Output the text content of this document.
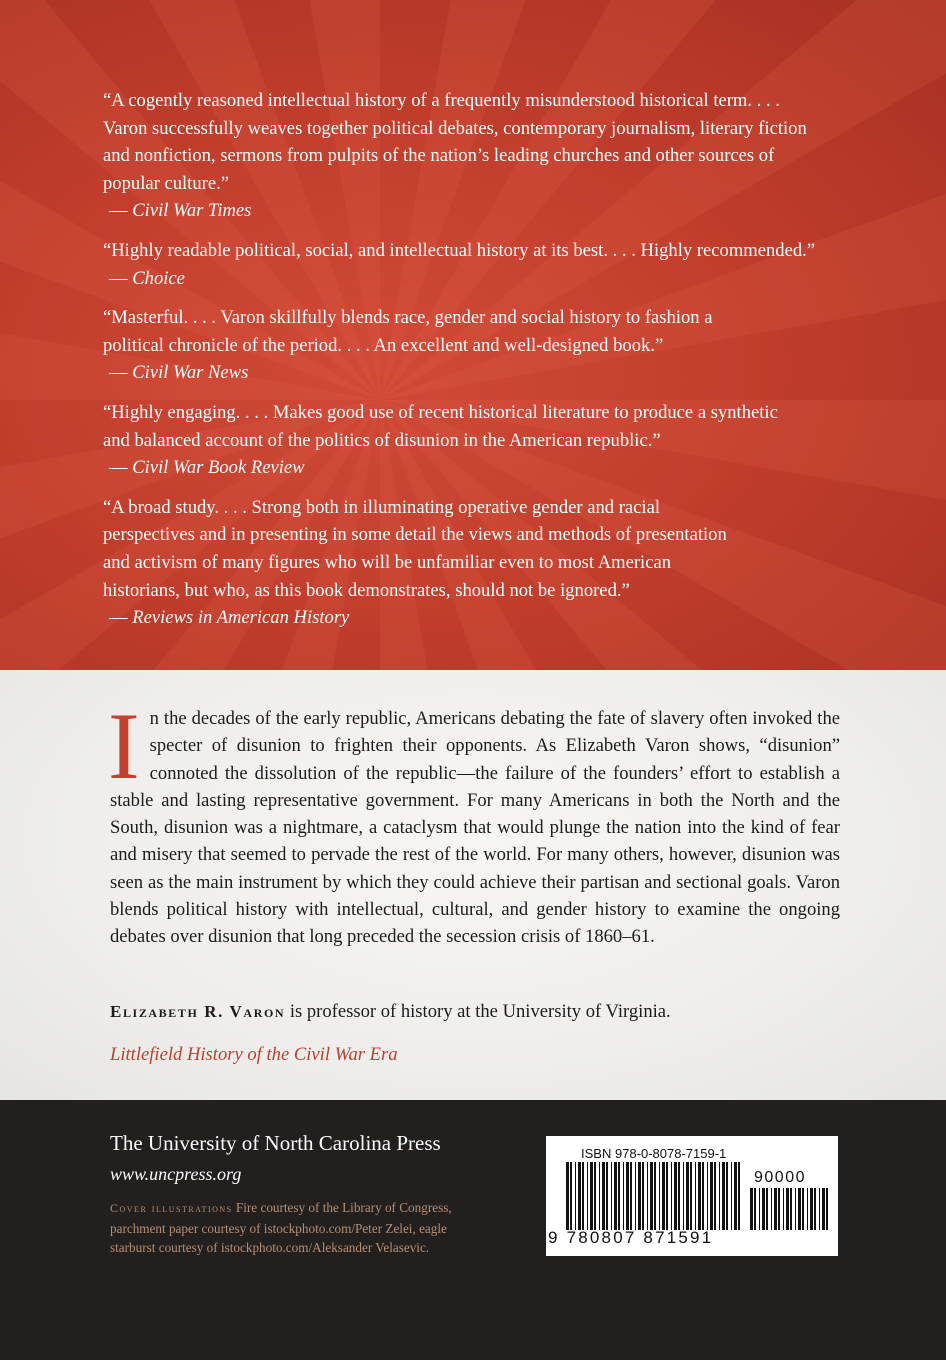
“A cogently reasoned intellectual history of a frequently misunderstood historical term. . . .
Varon successfully weaves together political debates, contemporary journalism, literary fiction
and nonfiction, sermons from pulpits of the nation’s leading churches and other sources of
popular culture.”
— Civil War Times
“Highly readable political, social, and intellectual history at its best. . . . Highly recommended.”
— Choice
“Masterful. . . . Varon skillfully blends race, gender and social history to fashion a
political chronicle of the period. . . . An excellent and well-designed book.”
— Civil War News
“Highly engaging. . . . Makes good use of recent historical literature to produce a synthetic
and balanced account of the politics of disunion in the American republic.”
— Civil War Book Review
“A broad study. . . . Strong both in illuminating operative gender and racial
perspectives and in presenting in some detail the views and methods of presentation
and activism of many figures who will be unfamiliar even to most American
historians, but who, as this book demonstrates, should not be ignored.”
— Reviews in American History
In the decades of the early republic, Americans debating the fate of slavery often invoked the specter of disunion to frighten their opponents. As Elizabeth Varon shows, “disunion” connoted the dissolution of the republic—the failure of the founders’ effort to establish a stable and lasting representative government. For many Americans in both the North and the South, disunion was a nightmare, a cataclysm that would plunge the nation into the kind of fear and misery that seemed to pervade the rest of the world. For many others, however, disunion was seen as the main instrument by which they could achieve their partisan and sectional goals. Varon blends political history with intellectual, cultural, and gender history to examine the ongoing debates over disunion that long preceded the secession crisis of 1860–61.
Elizabeth R. Varon is professor of history at the University of Virginia.
Littlefield History of the Civil War Era
The University of North Carolina Press
www.uncpress.org
Cover illustrations Fire courtesy of the Library of Congress, parchment paper courtesy of istockphoto.com/Peter Zelei, eagle starburst courtesy of istockphoto.com/Aleksander Velasevic.
ISBN 978-0-8078-7159-1
90000
9 780807 871591
